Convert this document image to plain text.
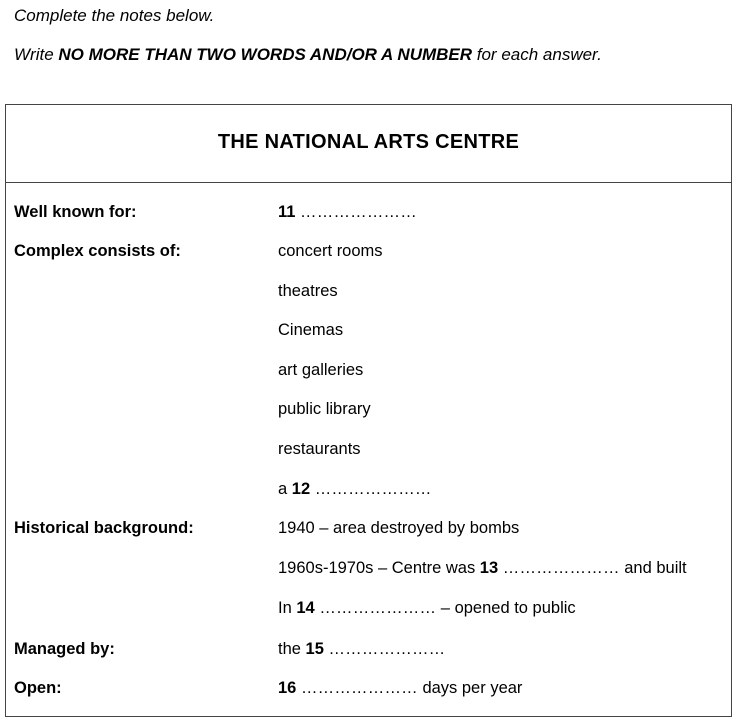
Complete the notes below.
Write NO MORE THAN TWO WORDS AND/OR A NUMBER for each answer.
THE NATIONAL ARTS CENTRE
Well known for:	11 …………………
Complex consists of:	concert rooms
theatres
Cinemas
art galleries
public library
restaurants
a 12 …………………
Historical background:	1940 – area destroyed by bombs
1960s-1970s – Centre was 13 ………………… and built
In 14 ………………… – opened to public
Managed by:	the 15 …………………
Open:	16 ………………… days per year
